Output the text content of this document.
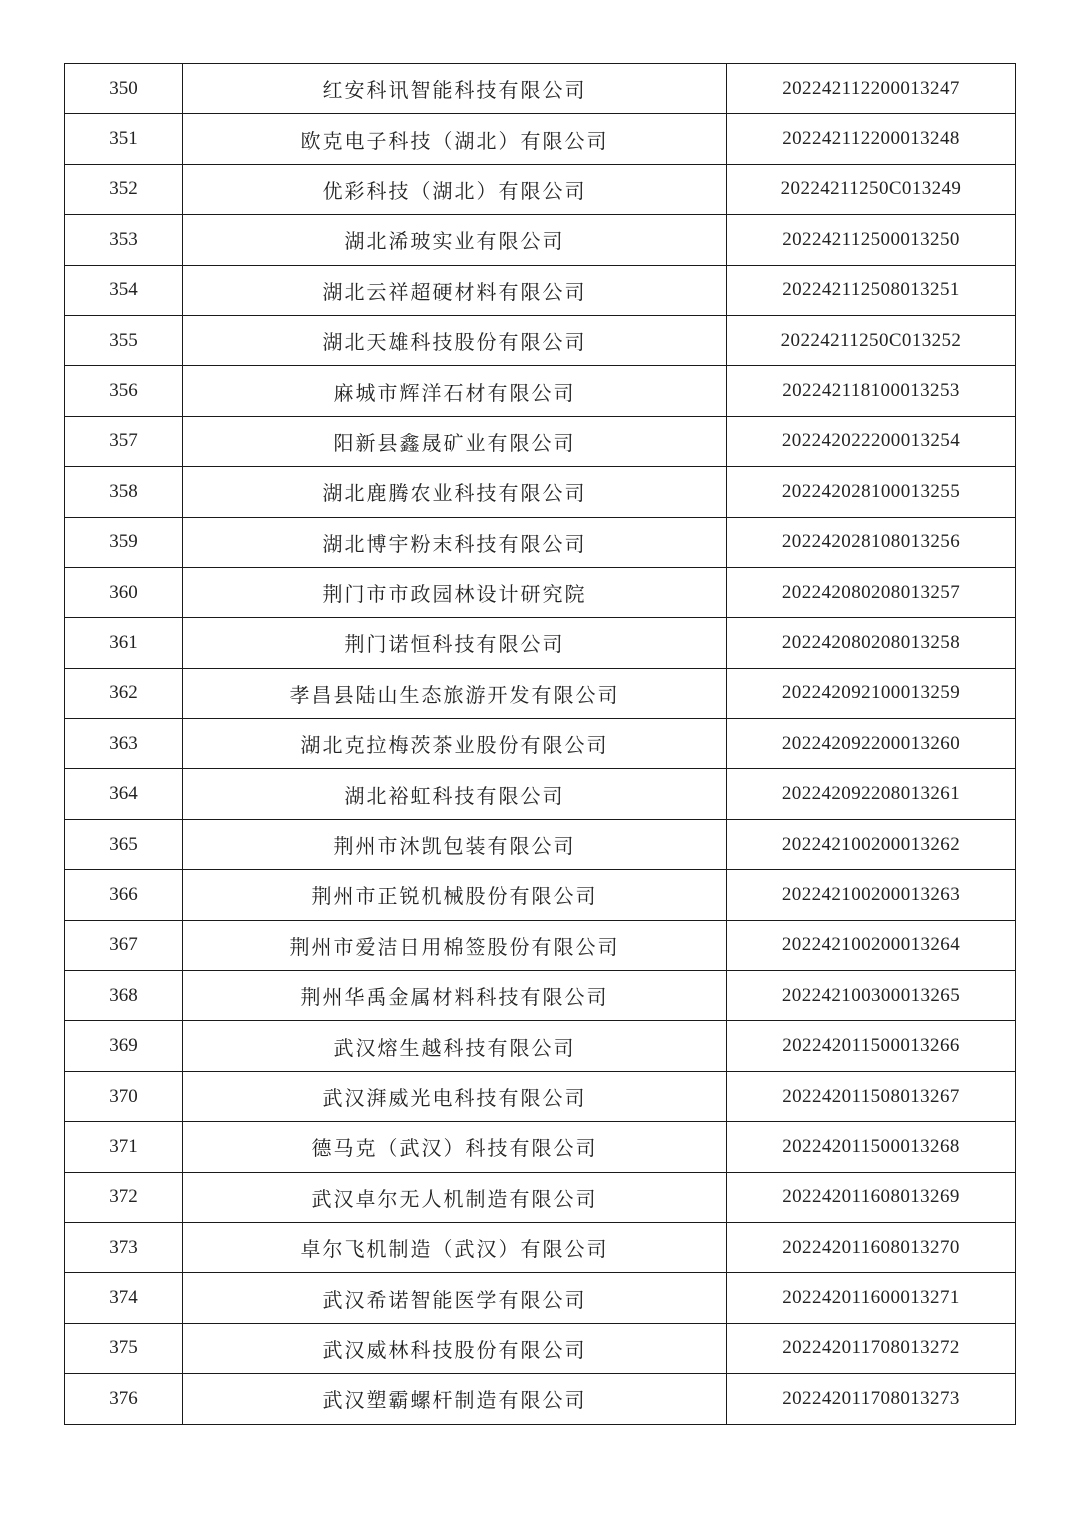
350	红安科讯智能科技有限公司	202242112200013247
351	欧克电子科技（湖北）有限公司	202242112200013248
352	优彩科技（湖北）有限公司	20224211250C013249
353	湖北浠玻实业有限公司	202242112500013250
354	湖北云祥超硬材料有限公司	202242112508013251
355	湖北天雄科技股份有限公司	20224211250C013252
356	麻城市辉洋石材有限公司	202242118100013253
357	阳新县鑫晟矿业有限公司	202242022200013254
358	湖北鹿腾农业科技有限公司	202242028100013255
359	湖北博宇粉末科技有限公司	202242028108013256
360	荆门市市政园林设计研究院	202242080208013257
361	荆门诺恒科技有限公司	202242080208013258
362	孝昌县陆山生态旅游开发有限公司	202242092100013259
363	湖北克拉梅茨茶业股份有限公司	202242092200013260
364	湖北裕虹科技有限公司	202242092208013261
365	荆州市沐凯包装有限公司	202242100200013262
366	荆州市正锐机械股份有限公司	202242100200013263
367	荆州市爱洁日用棉签股份有限公司	202242100200013264
368	荆州华禹金属材料科技有限公司	202242100300013265
369	武汉熔生越科技有限公司	202242011500013266
370	武汉湃威光电科技有限公司	202242011508013267
371	德马克（武汉）科技有限公司	202242011500013268
372	武汉卓尔无人机制造有限公司	202242011608013269
373	卓尔飞机制造（武汉）有限公司	202242011608013270
374	武汉希诺智能医学有限公司	202242011600013271
375	武汉威林科技股份有限公司	202242011708013272
376	武汉塑霸螺杆制造有限公司	202242011708013273
